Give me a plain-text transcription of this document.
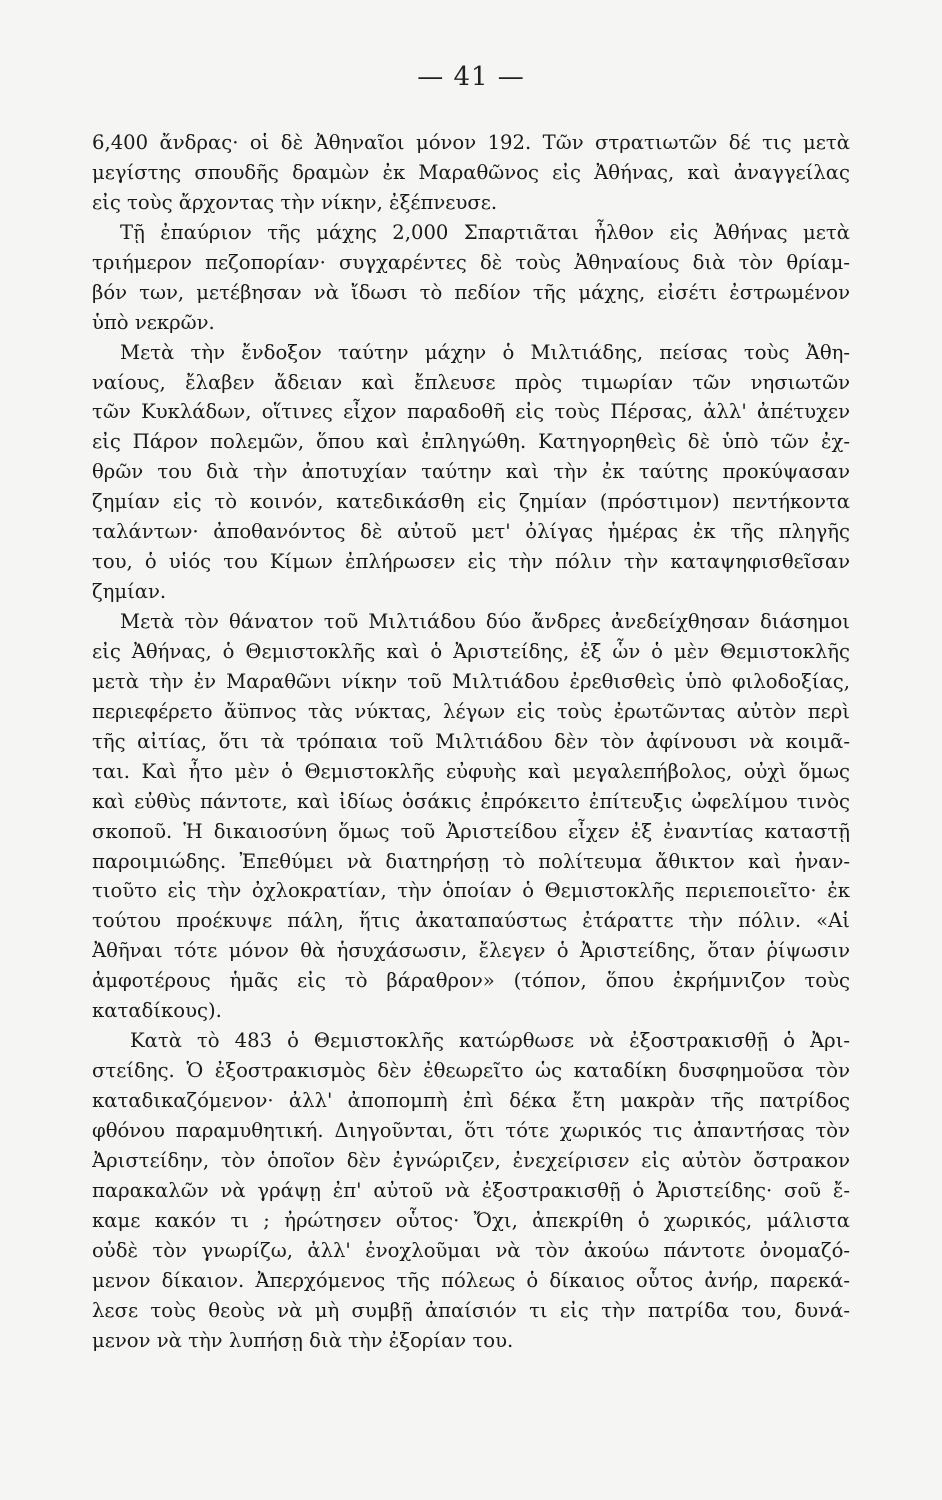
— 41 —
6,400 ἄνδρας· οἱ δὲ Ἀθηναῖοι μόνον 192. Τῶν στρατιωτῶν δέ τις μετὰ
μεγίστης σπουδῆς δραμὼν ἐκ Μαραθῶνος εἰς Ἀθήνας, καὶ ἀναγγείλας
εἰς τοὺς ἄρχοντας τὴν νίκην, ἐξέπνευσε.
Τῇ ἐπαύριον τῆς μάχης 2,000 Σπαρτιᾶται ἦλθον εἰς Ἀθήνας μετὰ
τριήμερον πεζοπορίαν· συγχαρέντες δὲ τοὺς Ἀθηναίους διὰ τὸν θρίαμ-
βόν των, μετέβησαν νὰ ἴδωσι τὸ πεδίον τῆς μάχης, εἰσέτι ἐστρωμένον
ὑπὸ νεκρῶν.
Μετὰ τὴν ἔνδοξον ταύτην μάχην ὁ Μιλτιάδης, πείσας τοὺς Ἀθη-
ναίους, ἔλαβεν ἄδειαν καὶ ἔπλευσε πρὸς τιμωρίαν τῶν νησιωτῶν
τῶν Κυκλάδων, οἵτινες εἶχον παραδοθῆ εἰς τοὺς Πέρσας, ἀλλ' ἀπέτυχεν
εἰς Πάρον πολεμῶν, ὅπου καὶ ἐπληγώθη. Κατηγορηθεὶς δὲ ὑπὸ τῶν ἐχ-
θρῶν του διὰ τὴν ἀποτυχίαν ταύτην καὶ τὴν ἐκ ταύτης προκύψασαν
ζημίαν εἰς τὸ κοινόν, κατεδικάσθη εἰς ζημίαν (πρόστιμον) πεντήκοντα
ταλάντων· ἀποθανόντος δὲ αὐτοῦ μετ' ὀλίγας ἡμέρας ἐκ τῆς πληγῆς
του, ὁ υἱός του Κίμων ἐπλήρωσεν εἰς τὴν πόλιν τὴν καταψηφισθεῖσαν
ζημίαν.
Μετὰ τὸν θάνατον τοῦ Μιλτιάδου δύο ἄνδρες ἀνεδείχθησαν διάσημοι
εἰς Ἀθήνας, ὁ Θεμιστοκλῆς καὶ ὁ Ἀριστείδης, ἐξ ὧν ὁ μὲν Θεμιστοκλῆς
μετὰ τὴν ἐν Μαραθῶνι νίκην τοῦ Μιλτιάδου ἐρεθισθεὶς ὑπὸ φιλοδοξίας,
περιεφέρετο ἄϋπνος τὰς νύκτας, λέγων εἰς τοὺς ἐρωτῶντας αὐτὸν περὶ
τῆς αἰτίας, ὅτι τὰ τρόπαια τοῦ Μιλτιάδου δὲν τὸν ἀφίνουσι νὰ κοιμᾶ-
ται. Καὶ ἦτο μὲν ὁ Θεμιστοκλῆς εὐφυὴς καὶ μεγαλεπήβολος, οὐχὶ ὅμως
καὶ εὐθὺς πάντοτε, καὶ ἰδίως ὁσάκις ἐπρόκειτο ἐπίτευξις ὠφελίμου τινὸς
σκοποῦ. Ἡ δικαιοσύνη ὅμως τοῦ Ἀριστείδου εἶχεν ἐξ ἐναντίας καταστῇ
παροιμιώδης. Ἐπεθύμει νὰ διατηρήσῃ τὸ πολίτευμα ἄθικτον καὶ ἠναν-
τιοῦτο εἰς τὴν ὀχλοκρατίαν, τὴν ὁποίαν ὁ Θεμιστοκλῆς περιεποιεῖτο· ἐκ
τούτου προέκυψε πάλη, ἥτις ἀκαταπαύστως ἐτάραττε τὴν πόλιν. «Αἱ
Ἀθῆναι τότε μόνον θὰ ἡσυχάσωσιν, ἔλεγεν ὁ Ἀριστείδης, ὅταν ῥίψωσιν
ἀμφοτέρους ἡμᾶς εἰς τὸ βάραθρον» (τόπον, ὅπου ἐκρήμνιζον τοὺς
καταδίκους).
Κατὰ τὸ 483 ὁ Θεμιστοκλῆς κατώρθωσε νὰ ἐξοστρακισθῇ ὁ Ἀρι-
στείδης. Ὁ ἐξοστρακισμὸς δὲν ἐθεωρεῖτο ὡς καταδίκη δυσφημοῦσα τὸν
καταδικαζόμενον· ἀλλ' ἀποπομπὴ ἐπὶ δέκα ἔτη μακρὰν τῆς πατρίδος
φθόνου παραμυθητική. Διηγοῦνται, ὅτι τότε χωρικός τις ἀπαντήσας τὸν
Ἀριστείδην, τὸν ὁποῖον δὲν ἐγνώριζεν, ἐνεχείρισεν εἰς αὐτὸν ὄστρακον
παρακαλῶν νὰ γράψῃ ἐπ' αὐτοῦ νὰ ἐξοστρακισθῇ ὁ Ἀριστείδης· σοῦ ἔ-
καμε κακόν τι ; ἠρώτησεν οὗτος· Ὄχι, ἀπεκρίθη ὁ χωρικός, μάλιστα
οὐδὲ τὸν γνωρίζω, ἀλλ' ἐνοχλοῦμαι νὰ τὸν ἀκούω πάντοτε ὀνομαζό-
μενον δίκαιον. Ἀπερχόμενος τῆς πόλεως ὁ δίκαιος οὗτος ἀνήρ, παρεκά-
λεσε τοὺς θεοὺς νὰ μὴ συμβῇ ἀπαίσιόν τι εἰς τὴν πατρίδα του, δυνά-
μενον νὰ τὴν λυπήσῃ διὰ τὴν ἐξορίαν του.
